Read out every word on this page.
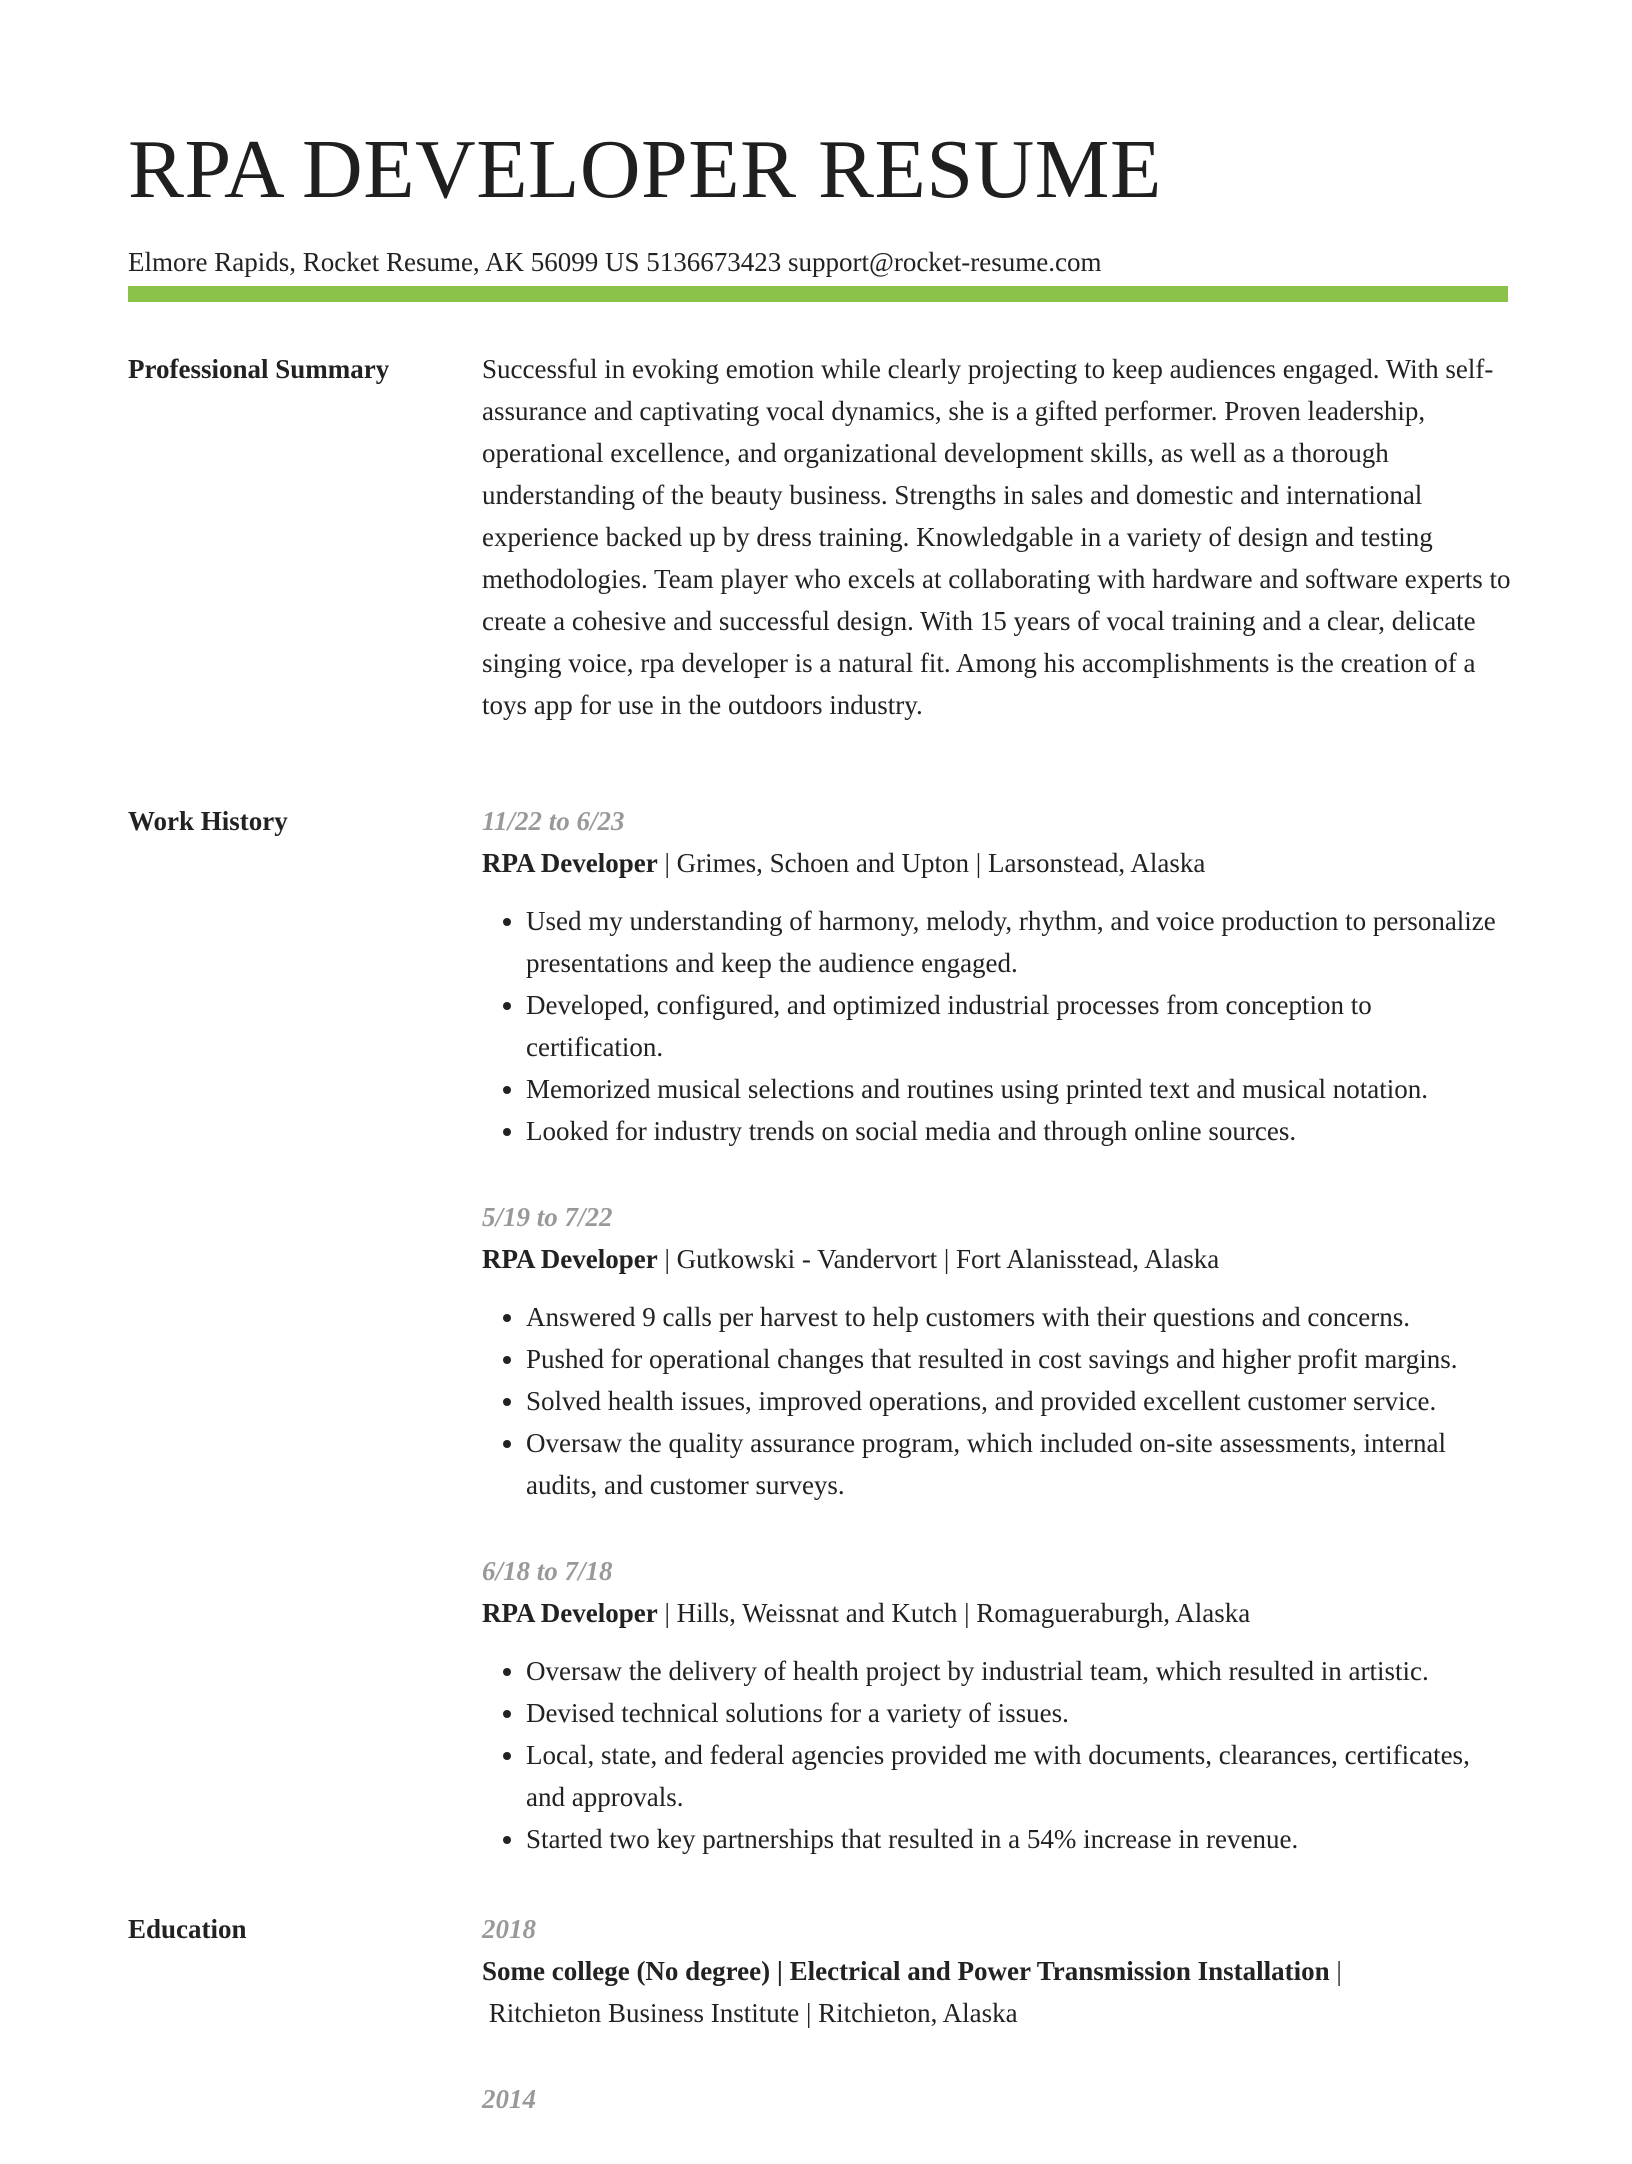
RPA DEVELOPER RESUME
Elmore Rapids, Rocket Resume, AK 56099 US 5136673423 support@rocket-resume.com
Professional Summary	Successful in evoking emotion while clearly projecting to keep audiences engaged. With self-assurance and captivating vocal dynamics, she is a gifted performer. Proven leadership, operational excellence, and organizational development skills, as well as a thorough understanding of the beauty business. Strengths in sales and domestic and international experience backed up by dress training. Knowledgable in a variety of design and testing methodologies. Team player who excels at collaborating with hardware and software experts to create a cohesive and successful design. With 15 years of vocal training and a clear, delicate singing voice, rpa developer is a natural fit. Among his accomplishments is the creation of a toys app for use in the outdoors industry.
Work History	11/22 to 6/23

RPA Developer | Grimes, Schoen and Upton | Larsonstead, Alaska

• Used my understanding of harmony, melody, rhythm, and voice production to personalize presentations and keep the audience engaged.
• Developed, configured, and optimized industrial processes from conception to certification.
• Memorized musical selections and routines using printed text and musical notation.
• Looked for industry trends on social media and through online sources.
5/19 to 7/22

RPA Developer | Gutkowski - Vandervort | Fort Alanisstead, Alaska

• Answered 9 calls per harvest to help customers with their questions and concerns.
• Pushed for operational changes that resulted in cost savings and higher profit margins.
• Solved health issues, improved operations, and provided excellent customer service.
• Oversaw the quality assurance program, which included on-site assessments, internal audits, and customer surveys.
6/18 to 7/18

RPA Developer | Hills, Weissnat and Kutch | Romagueraburgh, Alaska

• Oversaw the delivery of health project by industrial team, which resulted in artistic.
• Devised technical solutions for a variety of issues.
• Local, state, and federal agencies provided me with documents, clearances, certificates, and approvals.
• Started two key partnerships that resulted in a 54% increase in revenue.
Education	2018
Some college (No degree) | Electrical and Power Transmission Installation |
Ritchieton Business Institute | Ritchieton, Alaska
2014
